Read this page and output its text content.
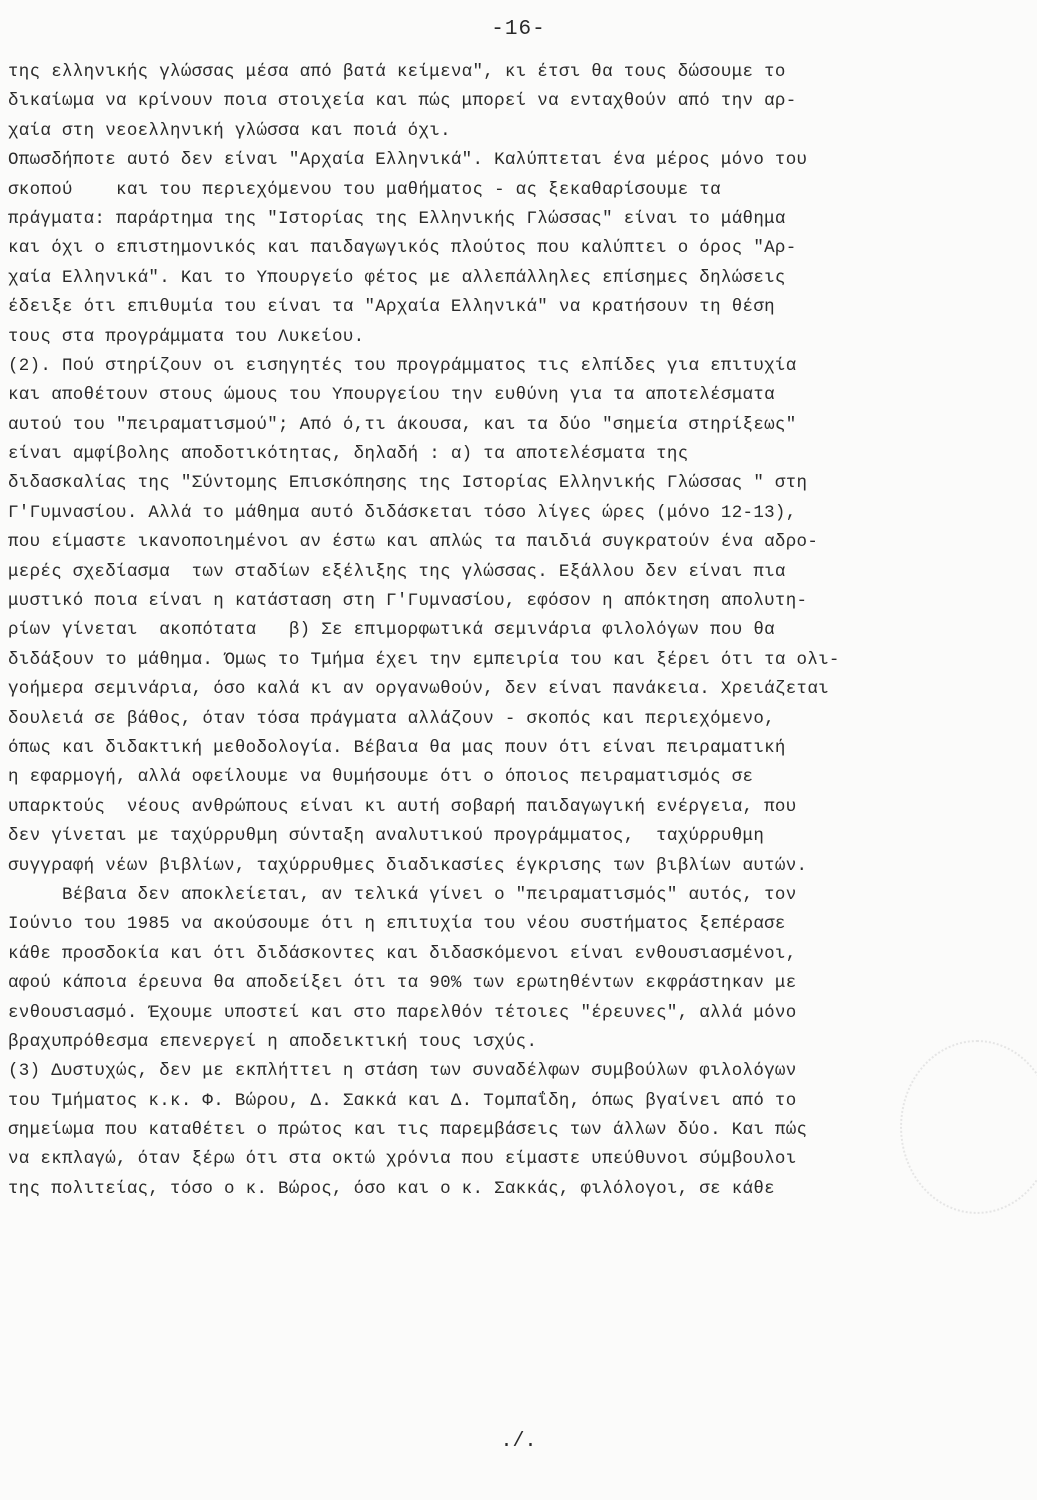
-16-
της ελληνικής γλώσσας μέσα από βατά κείμενα", κι έτσι θα τους δώσουμε το
δικαίωμα να κρίνουν ποια στοιχεία και πώς μπορεί να ενταχθούν από την αρ-
χαία στη νεοελληνική γλώσσα και ποιά όχι.
Οπωσδήποτε αυτό δεν είναι "Αρχαία Ελληνικά". Καλύπτεται ένα μέρος μόνο του
σκοπού    και του περιεχόμενου του μαθήματος - ας ξεκαθαρίσουμε τα
πράγματα: παράρτημα της "Ιστορίας της Ελληνικής Γλώσσας" είναι το μάθημα
και όχι ο επιστημονικός και παιδαγωγικός πλούτος που καλύπτει ο όρος "Αρ-
χαία Ελληνικά". Και το Υπουργείο φέτος με αλλεπάλληλες επίσημες δηλώσεις
έδειξε ότι επιθυμία του είναι τα "Αρχαία Ελληνικά" να κρατήσουν τη θέση
τους στα προγράμματα του Λυκείου.
(2). Πού στηρίζουν οι εισηγητές του προγράμματος τις ελπίδες για επιτυχία
και αποθέτουν στους ώμους του Υπουργείου την ευθύνη για τα αποτελέσματα
αυτού του "πειραματισμού"; Από ό,τι άκουσα, και τα δύο "σημεία στηρίξεως"
είναι αμφίβολης αποδοτικότητας, δηλαδή : α) τα αποτελέσματα της
διδασκαλίας της "Σύντομης Επισκόπησης της Ιστορίας Ελληνικής Γλώσσας " στη
Γ'Γυμνασίου. Αλλά το μάθημα αυτό διδάσκεται τόσο λίγες ώρες (μόνο 12-13),
που είμαστε ικανοποιημένοι αν έστω και απλώς τα παιδιά συγκρατούν ένα αδρο-
μερές σχεδίασμα  των σταδίων εξέλιξης της γλώσσας. Εξάλλου δεν είναι πια
μυστικό ποια είναι η κατάσταση στη Γ'Γυμνασίου, εφόσον η απόκτηση απολυτη-
ρίων γίνεται  ακοπότατα   β) Σε επιμορφωτικά σεμινάρια φιλολόγων που θα
διδάξουν το μάθημα. Όμως το Τμήμα έχει την εμπειρία του και ξέρει ότι τα ολι-
γοήμερα σεμινάρια, όσο καλά κι αν οργανωθούν, δεν είναι πανάκεια. Χρειάζεται
δουλειά σε βάθος, όταν τόσα πράγματα αλλάζουν - σκοπός και περιεχόμενο,
όπως και διδακτική μεθοδολογία. Βέβαια θα μας πουν ότι είναι πειραματική
η εφαρμογή, αλλά οφείλουμε να θυμήσουμε ότι ο όποιος πειραματισμός σε
υπαρκτούς  νέους ανθρώπους είναι κι αυτή σοβαρή παιδαγωγική ενέργεια, που
δεν γίνεται με ταχύρρυθμη σύνταξη αναλυτικού προγράμματος,  ταχύρρυθμη
συγγραφή νέων βιβλίων, ταχύρρυθμες διαδικασίες έγκρισης των βιβλίων αυτών.
Βέβαια δεν αποκλείεται, αν τελικά γίνει ο "πειραματισμός" αυτός, τον
Ιούνιο του 1985 να ακούσουμε ότι η επιτυχία του νέου συστήματος ξεπέρασε
κάθε προσδοκία και ότι διδάσκοντες και διδασκόμενοι είναι ενθουσιασμένοι,
αφού κάποια έρευνα θα αποδείξει ότι τα 90% των ερωτηθέντων εκφράστηκαν με
ενθουσιασμό. Έχουμε υποστεί και στο παρελθόν τέτοιες "έρευνες", αλλά μόνο
βραχυπρόθεσμα επενεργεί η αποδεικτική τους ισχύς.
(3) Δυστυχώς, δεν με εκπλήττει η στάση των συναδέλφων συμβούλων φιλολόγων
του Τμήματος κ.κ. Φ. Βώρου, Δ. Σακκά και Δ. Τομπαΐδη, όπως βγαίνει από το
σημείωμα που καταθέτει ο πρώτος και τις παρεμβάσεις των άλλων δύο. Και πώς
να εκπλαγώ, όταν ξέρω ότι στα οκτώ χρόνια που είμαστε υπεύθυνοι σύμβουλοι
της πολιτείας, τόσο ο κ. Βώρος, όσο και ο κ. Σακκάς, φιλόλογοι, σε κάθε
./.
